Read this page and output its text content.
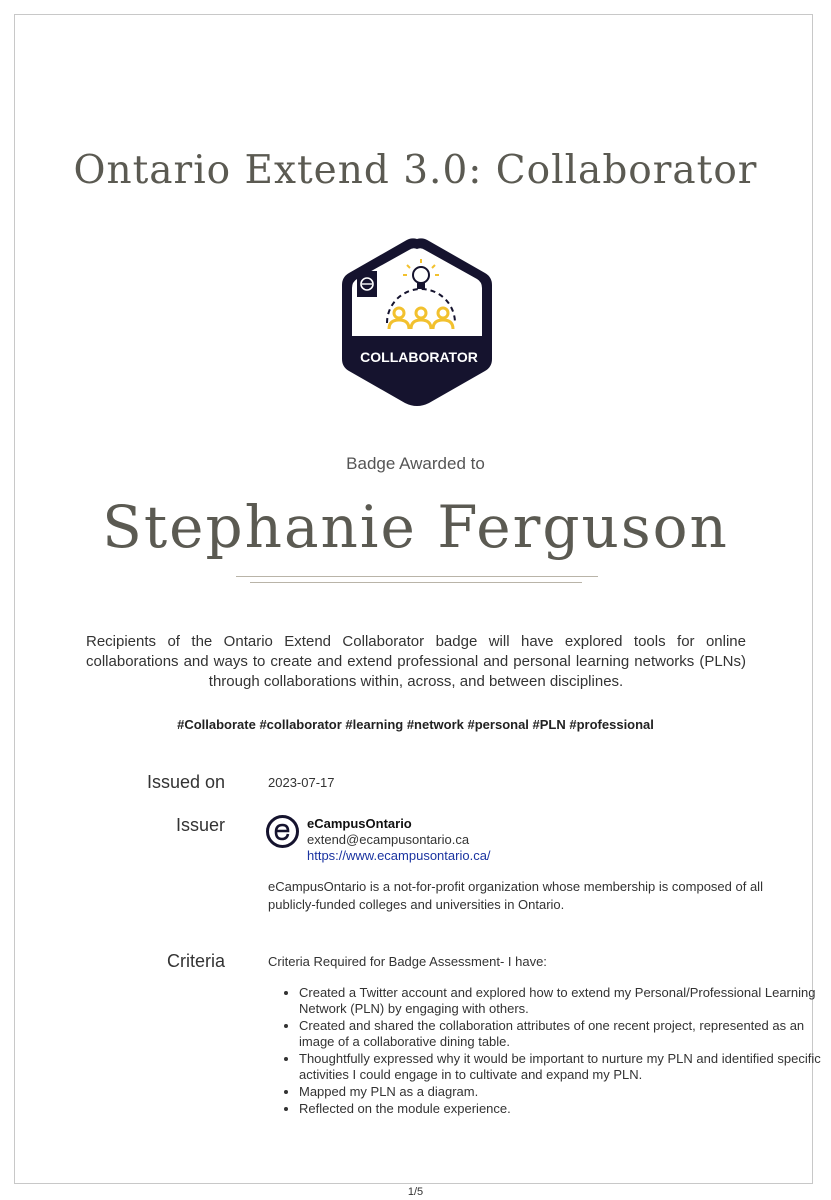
Ontario Extend 3.0: Collaborator
COLLABORATOR
Badge Awarded to
Stephanie Ferguson
Recipients of the Ontario Extend Collaborator badge will have explored tools for online collaborations and ways to create and extend professional and personal learning networks (PLNs) through collaborations within, across, and between disciplines.
#Collaborate #collaborator #learning #network #personal #PLN #professional
Issued on	2023-07-17
Issuer	eCampusOntario
extend@ecampusontario.ca
https://www.ecampusontario.ca/
eCampusOntario is a not-for-profit organization whose membership is composed of all publicly-funded colleges and universities in Ontario.
Criteria	Criteria Required for Badge Assessment- I have:
• Created a Twitter account and explored how to extend my Personal/Professional Learning Network (PLN) by engaging with others.
• Created and shared the collaboration attributes of one recent project, represented as an image of a collaborative dining table.
• Thoughtfully expressed why it would be important to nurture my PLN and identified specific activities I could engage in to cultivate and expand my PLN.
• Mapped my PLN as a diagram.
• Reflected on the module experience.
1/5
